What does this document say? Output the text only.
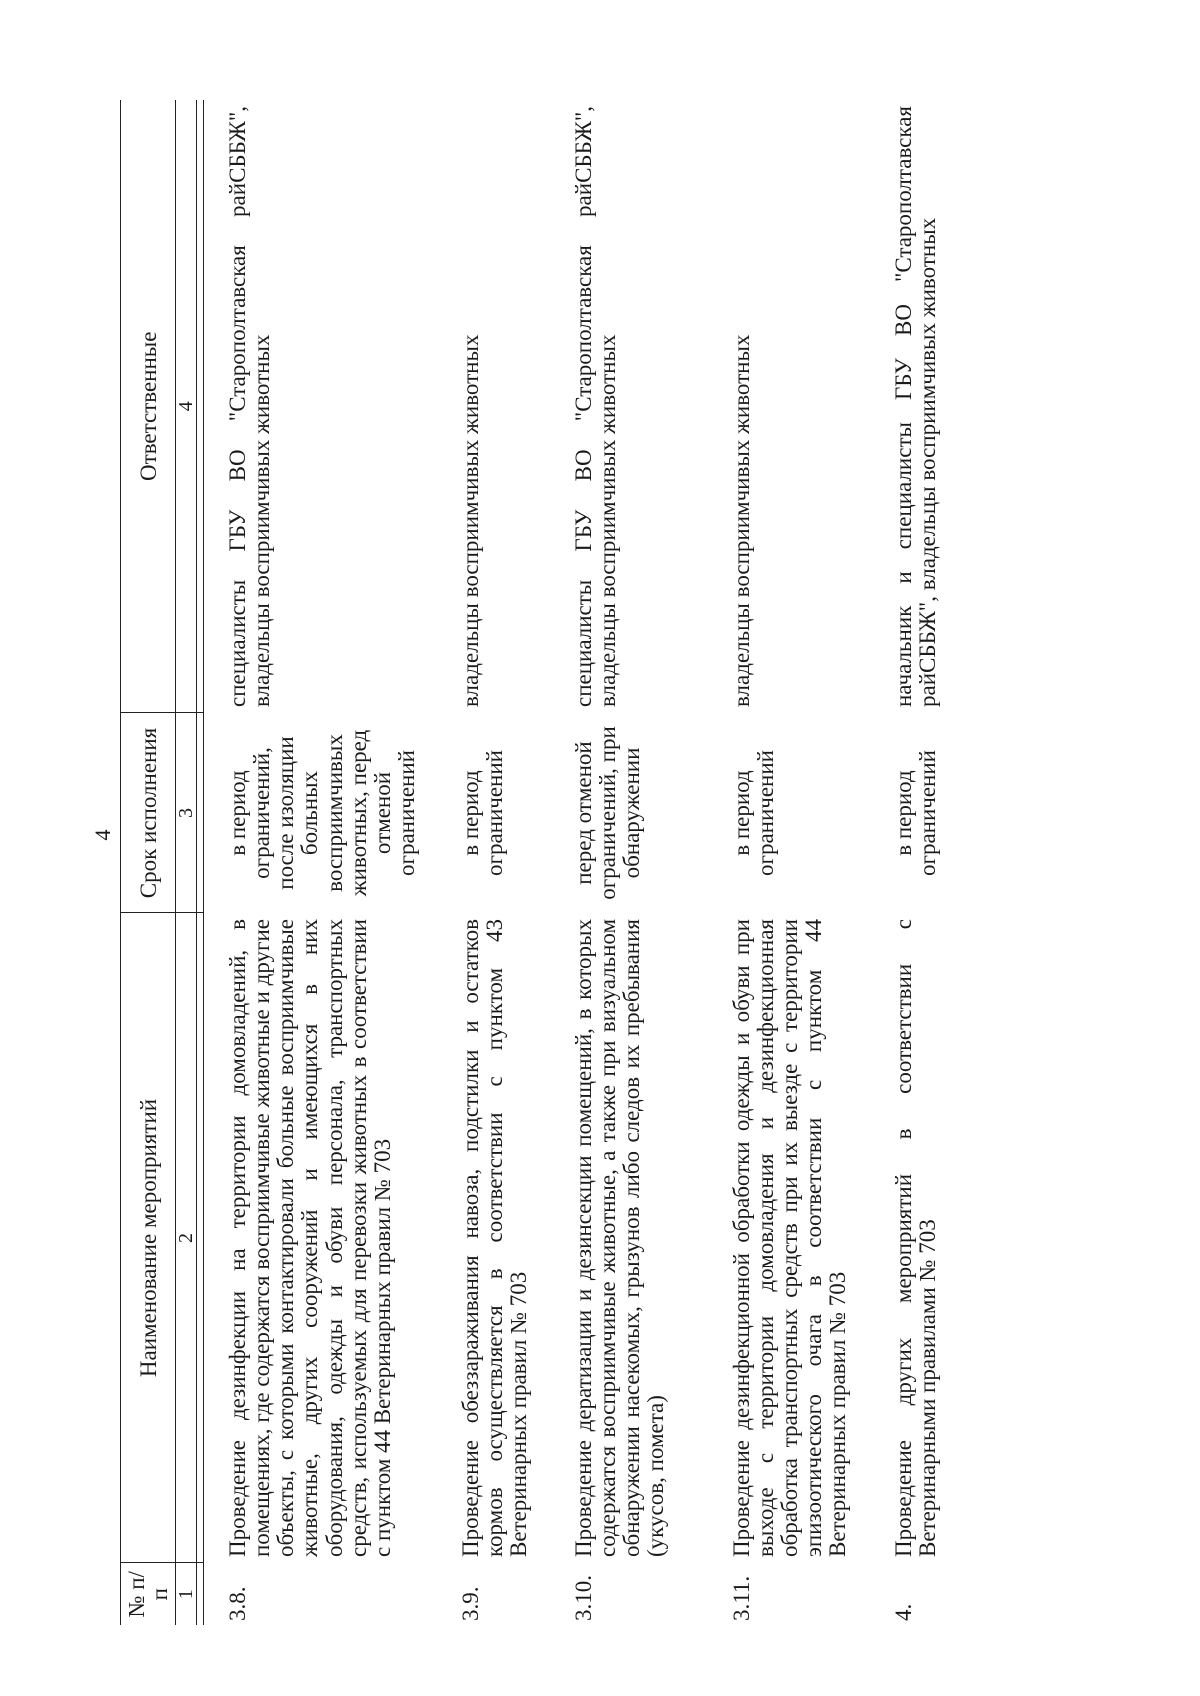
4
№ п/п	Наименование мероприятий	Срок исполнения	Ответственные
1	2	3	4

3.8.	Проведение дезинфекции на территории домовладений, в помещениях, где содержатся восприимчивые животные и другие объекты, с которыми контактировали больные восприимчивые животные, других сооружений и имеющихся в них оборудования, одежды и обуви персонала, транспортных средств, используемых для перевозки животных в соответствии с пунктом 44 Ветеринарных правил № 703	в период ограничений, после изоляции больных восприимчивых животных, перед отменой ограничений	специалисты ГБУ ВО "Старополтавская райСББЖ", владельцы восприимчивых животных
3.9.	Проведение обеззараживания навоза, подстилки и остатков кормов осуществляется в соответствии с пунктом 43 Ветеринарных правил № 703	в период ограничений	владельцы восприимчивых животных
3.10.	Проведение дератизации и дезинсекции помещений, в которых содержатся восприимчивые животные, а также при визуальном обнаружении насекомых, грызунов либо следов их пребывания (укусов, помета)	перед отменой ограничений, при обнаружении	специалисты ГБУ ВО "Старополтавская райСББЖ", владельцы восприимчивых животных
3.11.	Проведение дезинфекционной обработки одежды и обуви при выходе с территории домовладения и дезинфекционная обработка транспортных средств при их выезде с территории эпизоотического очага в соответствии с пунктом 44 Ветеринарных правил № 703	в период ограничений	владельцы восприимчивых животных
4.	Проведение других мероприятий в соответствии с Ветеринарными правилами № 703	в период ограничений	начальник и специалисты ГБУ ВО "Старополтавская райСББЖ", владельцы восприимчивых животных
